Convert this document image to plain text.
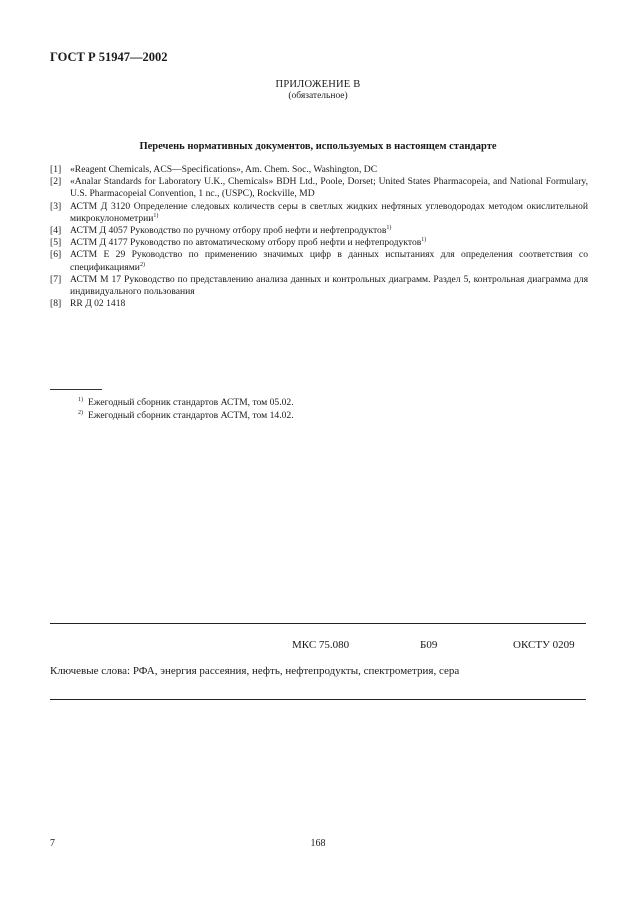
ГОСТ Р 51947—2002
ПРИЛОЖЕНИЕ В
(обязательное)
Перечень нормативных документов, используемых в настоящем стандарте
[1] «Reagent Chemicals, ACS—Specifications», Am. Chem. Soc., Washington, DC
[2] «Analar Standards for Laboratory U.K., Chemicals» BDH Ltd., Poole, Dorset; United States Pharmacopeia, and National Formulary, U.S. Pharmacopeial Convention, 1 nc., (USPC), Rockville, MD
[3] АСТМ Д 3120 Определение следовых количеств серы в светлых жидких нефтяных углеводородах методом окислительной микрокулонометрии$^{1)}$
[4] АСТМ Д 4057 Руководство по ручному отбору проб нефти и нефтепродуктов$^{1)}$
[5] АСТМ Д 4177 Руководство по автоматическому отбору проб нефти и нефтепродуктов$^{1)}$
[6] АСТМ Е 29 Руководство по применению значимых цифр в данных испытаниях для определения соответствия со спецификациями$^{2)}$
[7] АСТМ М 17 Руководство по представлению анализа данных и контрольных диаграмм. Раздел 5, контрольная диаграмма для индивидуального пользования
[8] RR Д 02 1418
$^{1)}$ Ежегодный сборник стандартов АСТМ, том 05.02.
$^{2)}$ Ежегодный сборник стандартов АСТМ, том 14.02.
МКС 75.080	Б09	ОКСТУ 0209
Ключевые слова: РФА, энергия рассеяния, нефть, нефтепродукты, спектрометрия, сера
7	168
